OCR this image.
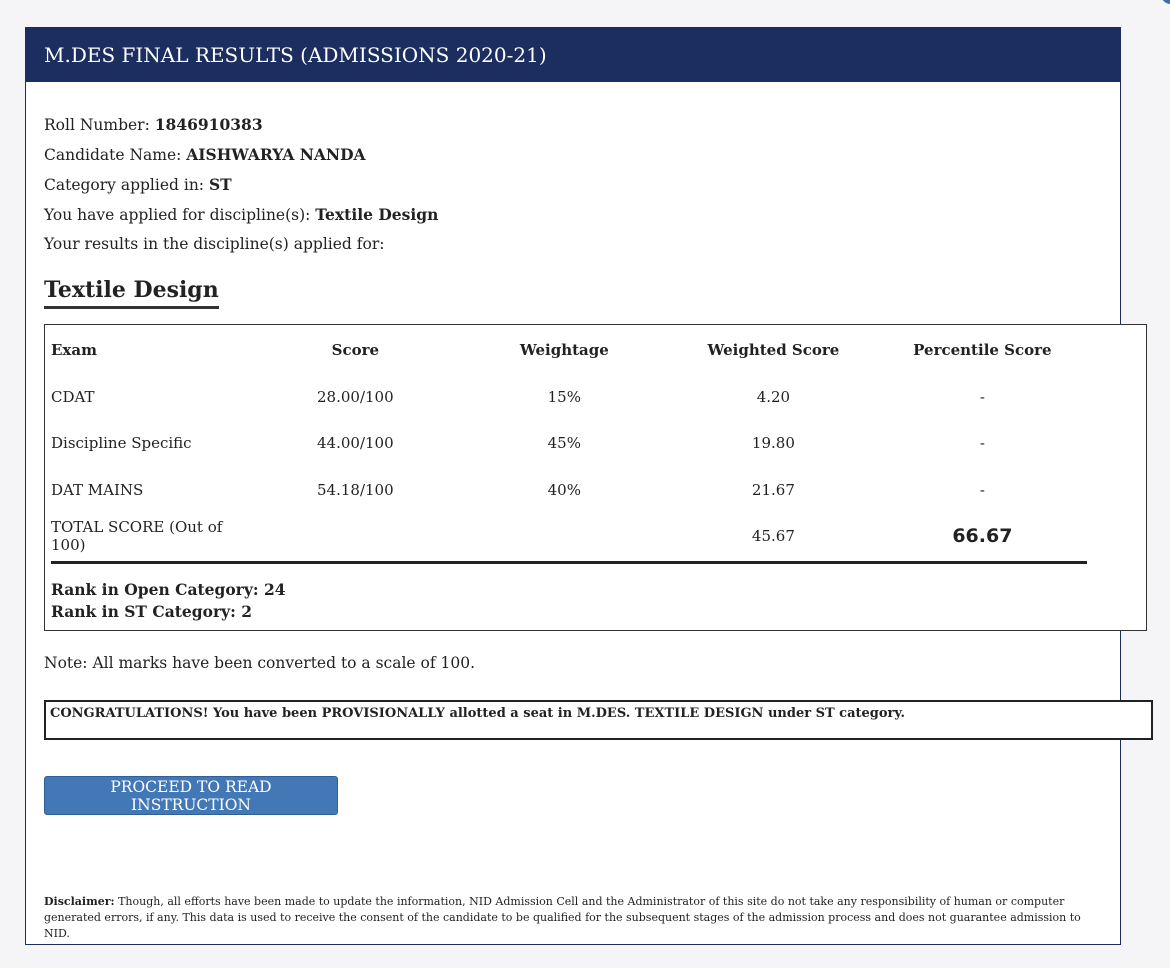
M.DES FINAL RESULTS (ADMISSIONS 2020-21)
Roll Number: 1846910383
Candidate Name: AISHWARYA NANDA
Category applied in: ST
You have applied for discipline(s): Textile Design
Your results in the discipline(s) applied for:
Textile Design
Exam	Score	Weightage	Weighted Score	Percentile Score
CDAT	28.00/100	15%	4.20	-
Discipline Specific	44.00/100	45%	19.80	-
DAT MAINS	54.18/100	40%	21.67	-
TOTAL SCORE (Out of 100)			45.67	66.67
Rank in Open Category: 24
Rank in ST Category: 2
Note: All marks have been converted to a scale of 100.
CONGRATULATIONS! You have been PROVISIONALLY allotted a seat in M.DES. TEXTILE DESIGN under ST category.
PROCEED TO READ INSTRUCTION
Disclaimer: Though, all efforts have been made to update the information, NID Admission Cell and the Administrator of this site do not take any responsibility of human or computer generated errors, if any. This data is used to receive the consent of the candidate to be qualified for the subsequent stages of the admission process and does not guarantee admission to NID.
